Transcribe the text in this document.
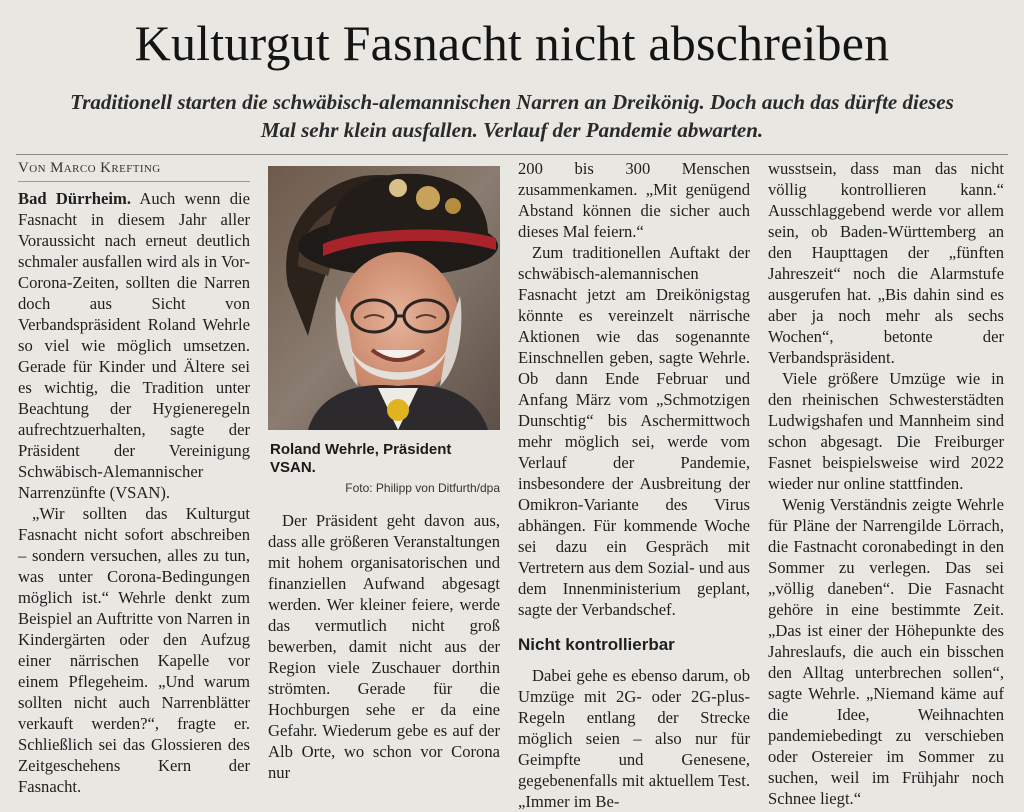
Kulturgut Fasnacht nicht abschreiben
Traditionell starten die schwäbisch-alemannischen Narren an Dreikönig. Doch auch das dürfte dieses Mal sehr klein ausfallen. Verlauf der Pandemie abwarten.
Von Marco Krefting

Bad Dürrheim. Auch wenn die Fasnacht in diesem Jahr aller Voraussicht nach erneut deutlich schmaler ausfallen wird als in Vor-Corona-Zeiten, sollten die Narren doch aus Sicht von Verbandspräsident Roland Wehrle so viel wie möglich umsetzen. Gerade für Kinder und Ältere sei es wichtig, die Tradition unter Beachtung der Hygieneregeln aufrechtzuerhalten, sagte der Präsident der Vereinigung Schwäbisch-Alemannischer Narrenzünfte (VSAN).

„Wir sollten das Kulturgut Fasnacht nicht sofort abschreiben – sondern versuchen, alles zu tun, was unter Corona-Bedingungen möglich ist.“ Wehrle denkt zum Beispiel an Auftritte von Narren in Kindergärten oder den Aufzug einer närrischen Kapelle vor einem Pflegeheim. „Und warum sollten nicht auch Narrenblätter verkauft werden?“, fragte er. Schließlich sei das Glossieren des Zeitgeschehens Kern der Fasnacht.

Roland Wehrle, Präsident VSAN.
Foto: Philipp von Ditfurth/dpa

Der Präsident geht davon aus, dass alle größeren Veranstaltungen mit hohem organisatorischen und finanziellen Aufwand abgesagt werden. Wer kleiner feiere, werde das vermutlich nicht groß bewerben, damit nicht aus der Region viele Zuschauer dorthin strömten. Gerade für die Hochburgen sehe er da eine Gefahr. Wiederum gebe es auf der Alb Orte, wo schon vor Corona nur

200 bis 300 Menschen zusammenkamen. „Mit genügend Abstand können die sicher auch dieses Mal feiern.“

Zum traditionellen Auftakt der schwäbisch-alemannischen Fasnacht jetzt am Dreikönigstag könnte es vereinzelt närrische Aktionen wie das sogenannte Einschnellen geben, sagte Wehrle. Ob dann Ende Februar und Anfang März vom „Schmotzigen Dunschtig“ bis Aschermittwoch mehr möglich sei, werde vom Verlauf der Pandemie, insbesondere der Ausbreitung der Omikron-Variante des Virus abhängen. Für kommende Woche sei dazu ein Gespräch mit Vertretern aus dem Sozial- und aus dem Innenministerium geplant, sagte der Verbandschef.

Nicht kontrollierbar

Dabei gehe es ebenso darum, ob Umzüge mit 2G- oder 2G-plus-Regeln entlang der Strecke möglich seien – also nur für Geimpfte und Genesene, gegebenenfalls mit aktuellem Test. „Immer im Be-

wusstsein, dass man das nicht völlig kontrollieren kann.“ Ausschlaggebend werde vor allem sein, ob Baden-Württemberg an den Haupttagen der „fünften Jahreszeit“ noch die Alarmstufe ausgerufen hat. „Bis dahin sind es aber ja noch mehr als sechs Wochen“, betonte der Verbandspräsident.

Viele größere Umzüge wie in den rheinischen Schwesterstädten Ludwigshafen und Mannheim sind schon abgesagt. Die Freiburger Fasnet beispielsweise wird 2022 wieder nur online stattfinden.

Wenig Verständnis zeigte Wehrle für Pläne der Narrengilde Lörrach, die Fastnacht coronabedingt in den Sommer zu verlegen. Das sei „völlig daneben“. Die Fasnacht gehöre in eine bestimmte Zeit. „Das ist einer der Höhepunkte des Jahreslaufs, die auch ein bisschen den Alltag unterbrechen sollen“, sagte Wehrle. „Niemand käme auf die Idee, Weihnachten pandemiebedingt zu verschieben oder Ostereier im Sommer zu suchen, weil im Frühjahr noch Schnee liegt.“
